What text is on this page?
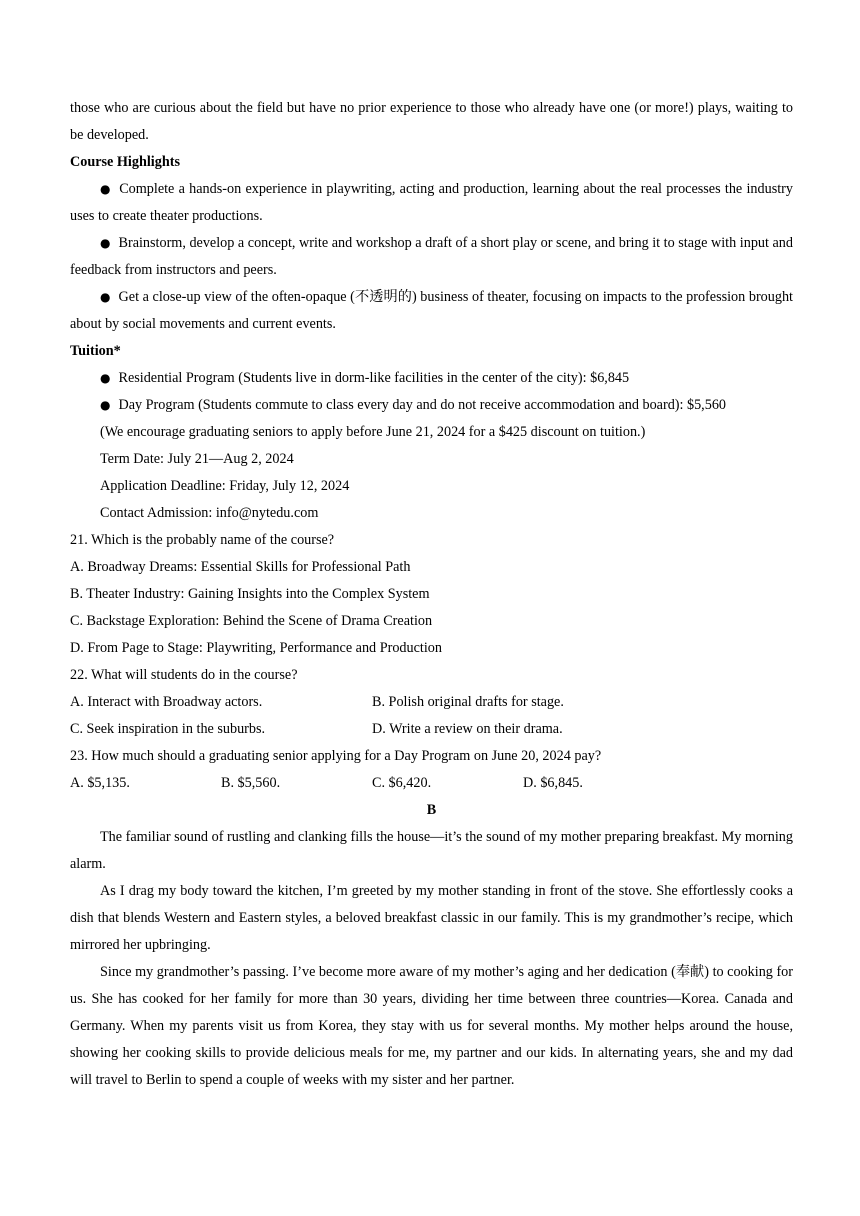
those who are curious about the field but have no prior experience to those who already have one (or more!) plays, waiting to be developed.
Course Highlights
● Complete a hands-on experience in playwriting, acting and production, learning about the real processes the industry uses to create theater productions.
● Brainstorm, develop a concept, write and workshop a draft of a short play or scene, and bring it to stage with input and feedback from instructors and peers.
● Get a close-up view of the often-opaque (不透明的) business of theater, focusing on impacts to the profession brought about by social movements and current events.
Tuition*
● Residential Program (Students live in dorm-like facilities in the center of the city): $6,845
● Day Program (Students commute to class every day and do not receive accommodation and board): $5,560
(We encourage graduating seniors to apply before June 21, 2024 for a $425 discount on tuition.)
Term Date: July 21—Aug 2, 2024
Application Deadline: Friday, July 12, 2024
Contact Admission: info@nytedu.com
21. Which is the probably name of the course?
A. Broadway Dreams: Essential Skills for Professional Path
B. Theater Industry: Gaining Insights into the Complex System
C. Backstage Exploration: Behind the Scene of Drama Creation
D. From Page to Stage: Playwriting, Performance and Production
22. What will students do in the course?
A. Interact with Broadway actors.	B. Polish original drafts for stage.
C. Seek inspiration in the suburbs.	D. Write a review on their drama.
23. How much should a graduating senior applying for a Day Program on June 20, 2024 pay?
A. $5,135.	B. $5,560.	C. $6,420.	D. $6,845.
B
The familiar sound of rustling and clanking fills the house—it’s the sound of my mother preparing breakfast. My morning alarm.
As I drag my body toward the kitchen, I’m greeted by my mother standing in front of the stove. She effortlessly cooks a dish that blends Western and Eastern styles, a beloved breakfast classic in our family. This is my grandmother’s recipe, which mirrored her upbringing.
Since my grandmother’s passing. I’ve become more aware of my mother’s aging and her dedication (奉献) to cooking for us. She has cooked for her family for more than 30 years, dividing her time between three countries—Korea. Canada and Germany. When my parents visit us from Korea, they stay with us for several months. My mother helps around the house, showing her cooking skills to provide delicious meals for me, my partner and our kids. In alternating years, she and my dad will travel to Berlin to spend a couple of weeks with my sister and her partner.
